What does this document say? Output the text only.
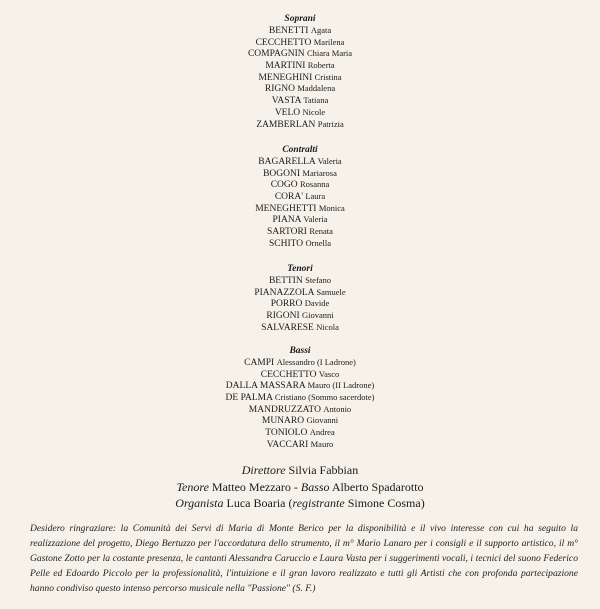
Soprani
BENETTI Agata
CECCHETTO Marilena
COMPAGNIN Chiara Maria
MARTINI Roberta
MENEGHINI Cristina
RIGNO Maddalena
VASTA Tatiana
VELO Nicole
ZAMBERLAN Patrizia
Contralti
BAGARELLA Valeria
BOGONI Mariarosa
COGO Rosanna
CORA' Laura
MENEGHETTI Monica
PIANA Valeria
SARTORI Renata
SCHITO Ornella
Tenori
BETTIN Stefano
PIANAZZOLA Samuele
PORRO Davide
RIGONI Giovanni
SALVARESE Nicola
Bassi
CAMPI Alessandro (I Ladrone)
CECCHETTO Vasco
DALLA MASSARA Mauro (II Ladrone)
DE PALMA Cristiano (Sommo sacerdote)
MANDRUZZATO Antonio
MUNARO Giovanni
TONIOLO Andrea
VACCARI Mauro
Direttore Silvia Fabbian
Tenore Matteo Mezzaro - Basso Alberto Spadarotto
Organista Luca Boaria (registrante Simone Cosma)
Desidero ringraziare: la Comunità dei Servi di Maria di Monte Berico per la disponibilità e il vivo interesse con cui ha seguito la realizzazione del progetto, Diego Bertuzzo per l'accordatura dello strumento, il m° Mario Lanaro per i consigli e il supporto artistico, il m° Gastone Zotto per la costante presenza, le cantanti Alessandra Caruccio e Laura Vasta per i suggerimenti vocali, i tecnici del suono Federico Pelle ed Edoardo Piccolo per la professionalità, l'intuizione e il gran lavoro realizzato e tutti gli Artisti che con profonda partecipazione hanno condiviso questo intenso percorso musicale nella "Passione" (S. F.)
